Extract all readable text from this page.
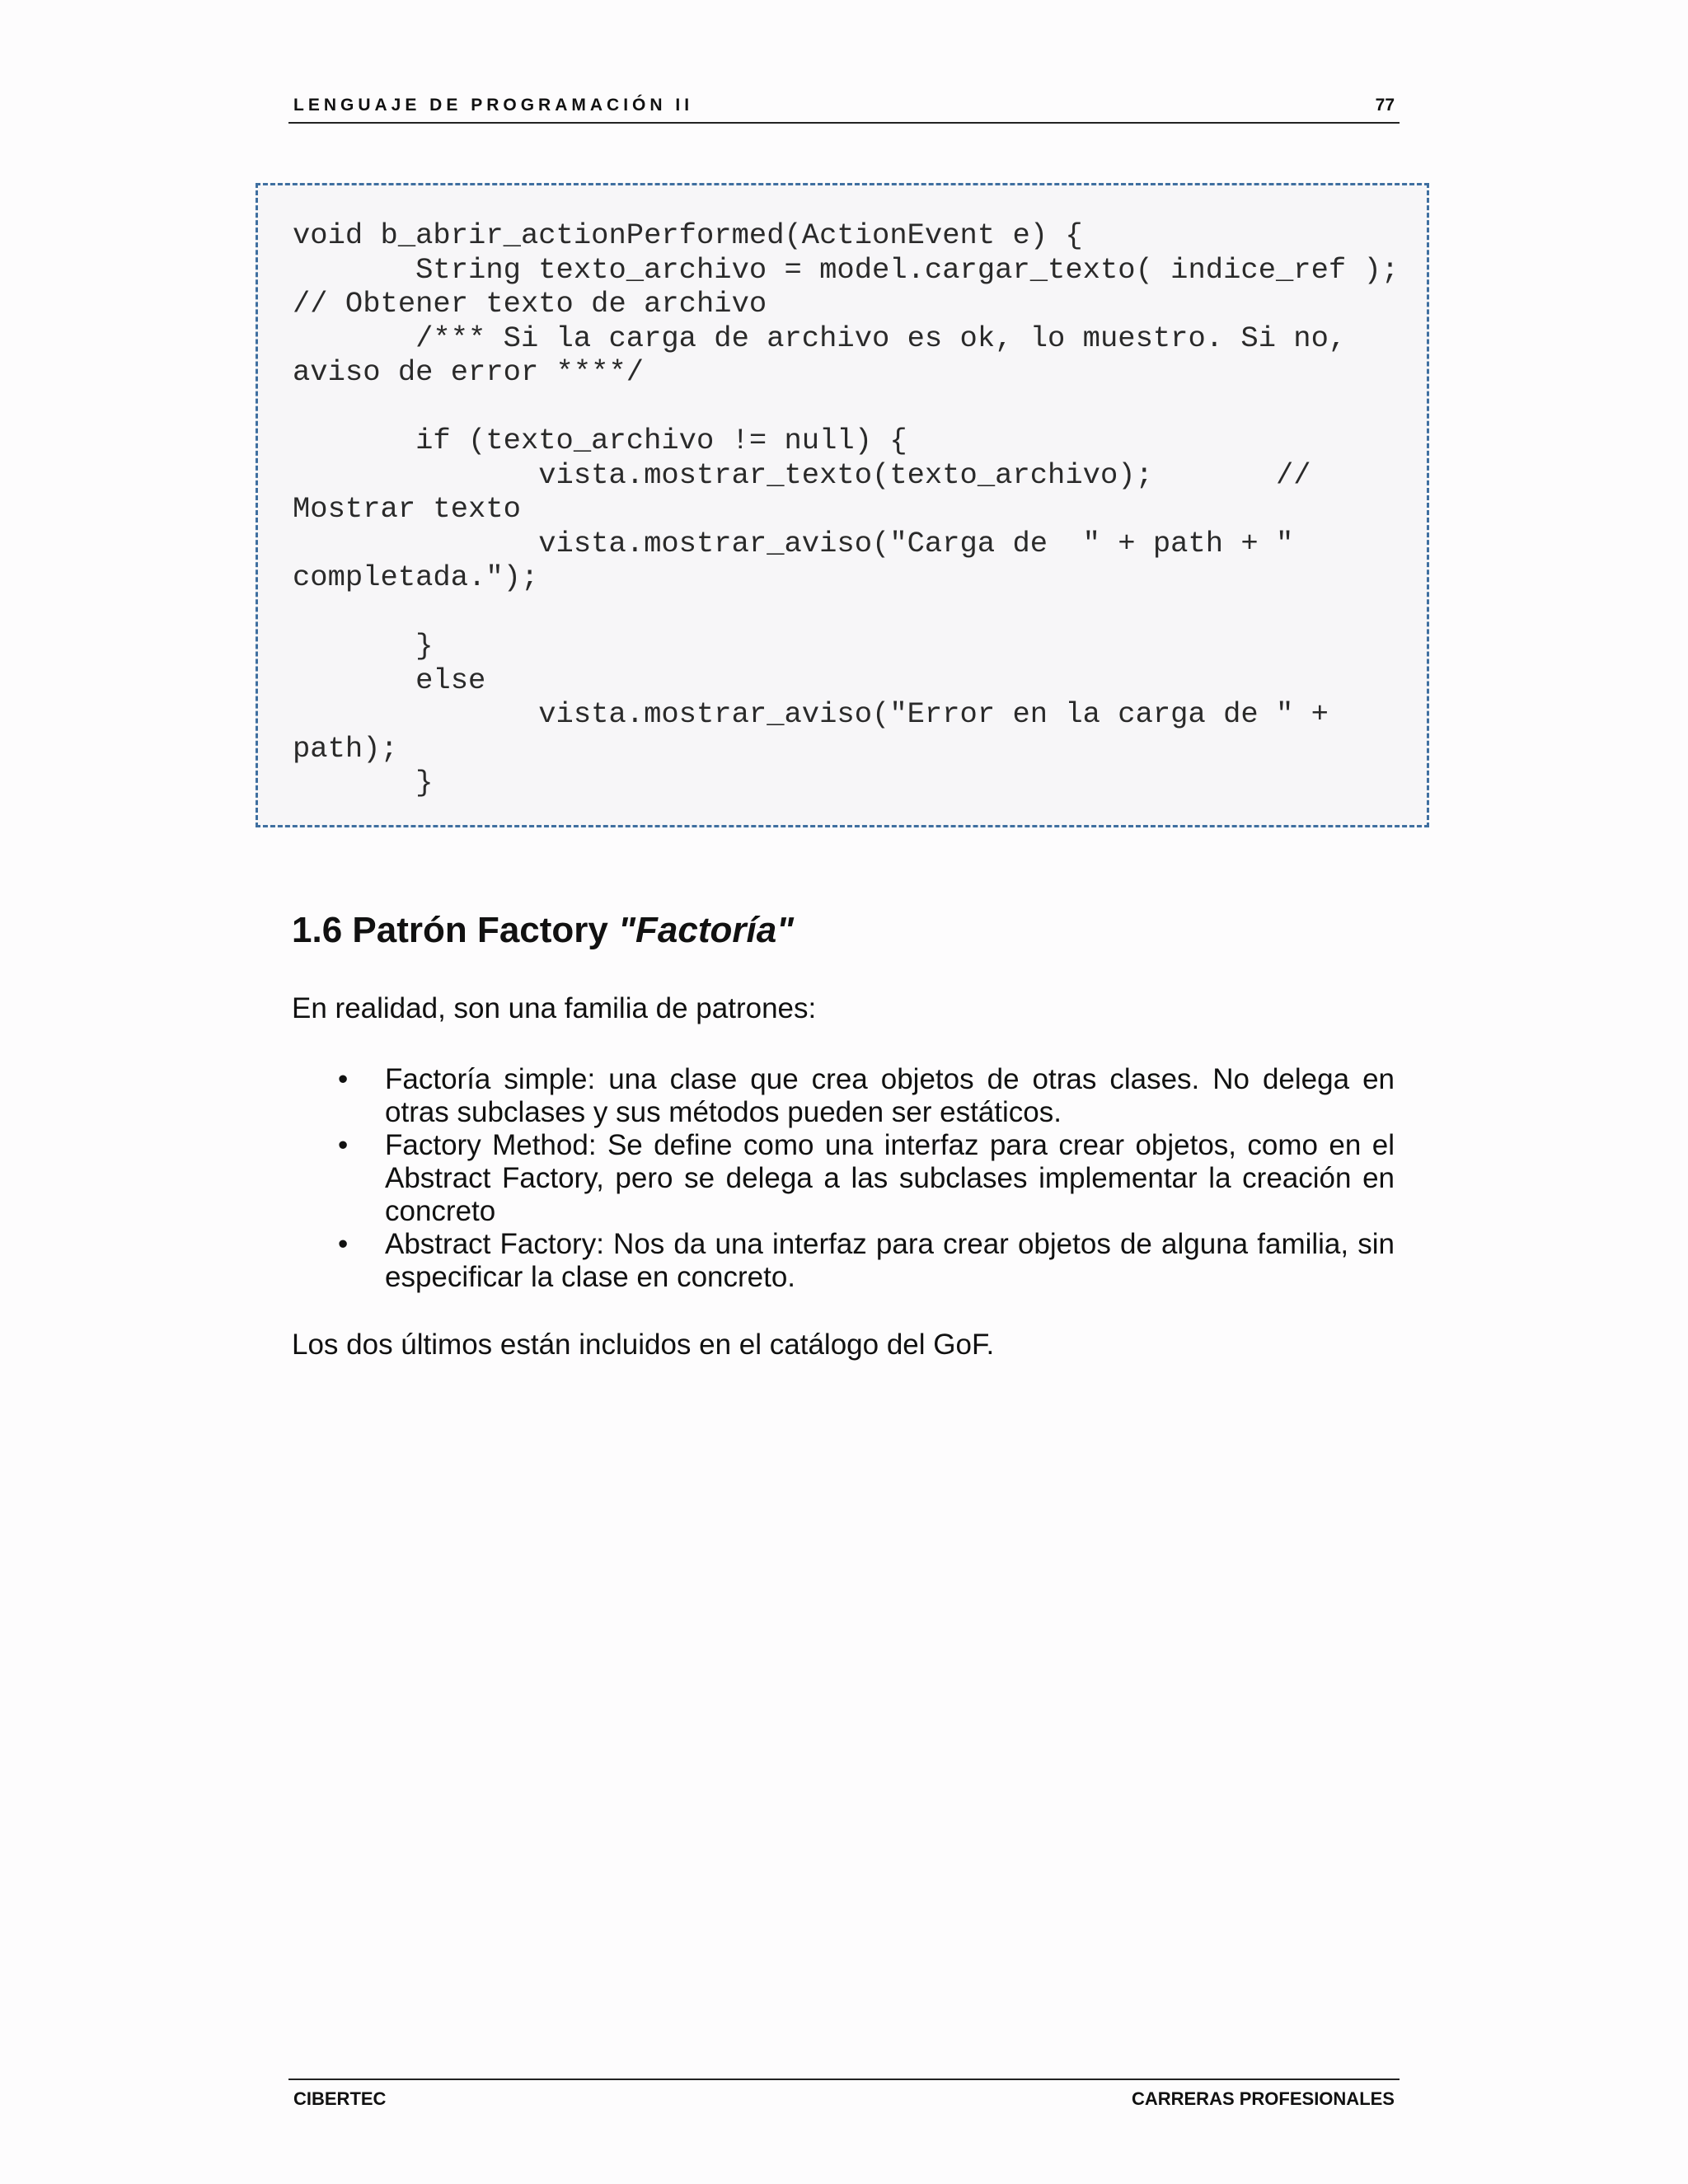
LENGUAJE DE PROGRAMACIÓN II	77
void b_abrir_actionPerformed(ActionEvent e) {
String texto_archivo = model.cargar_texto( indice_ref );
// Obtener texto de archivo
/*** Si la carga de archivo es ok, lo muestro. Si no,
aviso de error ****/

if (texto_archivo != null) {
vista.mostrar_texto(texto_archivo);       //
Mostrar texto
vista.mostrar_aviso("Carga de  " + path + "
completada.");

}
else
vista.mostrar_aviso("Error en la carga de " +
path);
}
1.6 Patrón Factory "Factoría"

En realidad, son una familia de patrones:

• Factoría simple: una clase que crea objetos de otras clases. No delega en otras subclases y sus métodos pueden ser estáticos.
• Factory Method: Se define como una interfaz para crear objetos, como en el Abstract Factory, pero se delega a las subclases implementar la creación en concreto
• Abstract Factory: Nos da una interfaz para crear objetos de alguna familia, sin especificar la clase en concreto.

Los dos últimos están incluidos en el catálogo del GoF.

CIBERTEC	CARRERAS PROFESIONALES
